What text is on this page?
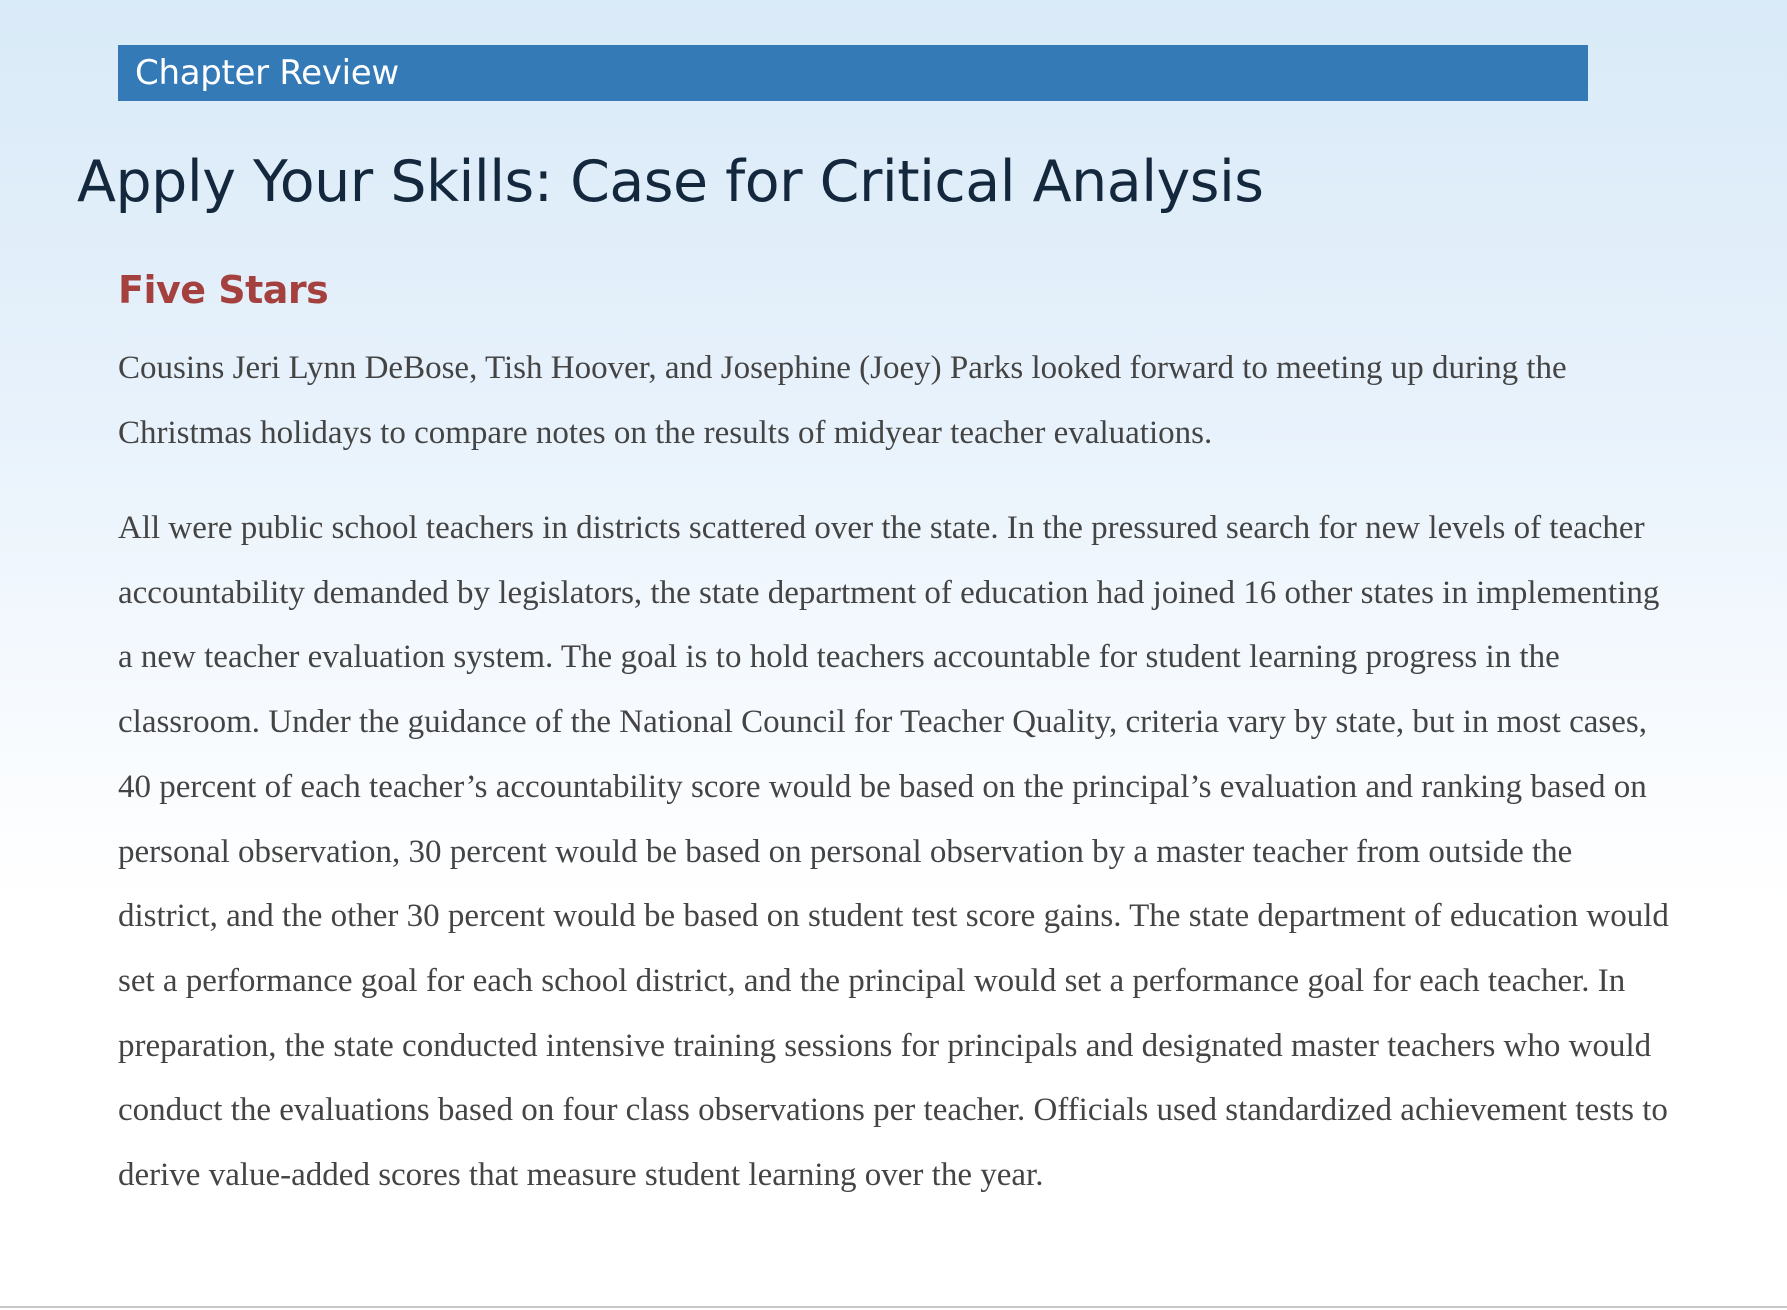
Chapter Review
Apply Your Skills: Case for Critical Analysis
Five Stars

Cousins Jeri Lynn DeBose, Tish Hoover, and Josephine (Joey) Parks looked forward to meeting up during the Christmas holidays to compare notes on the results of midyear teacher evaluations.

All were public school teachers in districts scattered over the state. In the pressured search for new levels of teacher accountability demanded by legislators, the state department of education had joined 16 other states in implementing a new teacher evaluation system. The goal is to hold teachers accountable for student learning progress in the classroom. Under the guidance of the National Council for Teacher Quality, criteria vary by state, but in most cases, 40 percent of each teacher’s accountability score would be based on the principal’s evaluation and ranking based on personal observation, 30 percent would be based on personal observation by a master teacher from outside the district, and the other 30 percent would be based on student test score gains. The state department of education would set a performance goal for each school district, and the principal would set a performance goal for each teacher. In preparation, the state conducted intensive training sessions for principals and designated master teachers who would conduct the evaluations based on four class observations per teacher. Officials used standardized achievement tests to derive value-added scores that measure student learning over the year.
